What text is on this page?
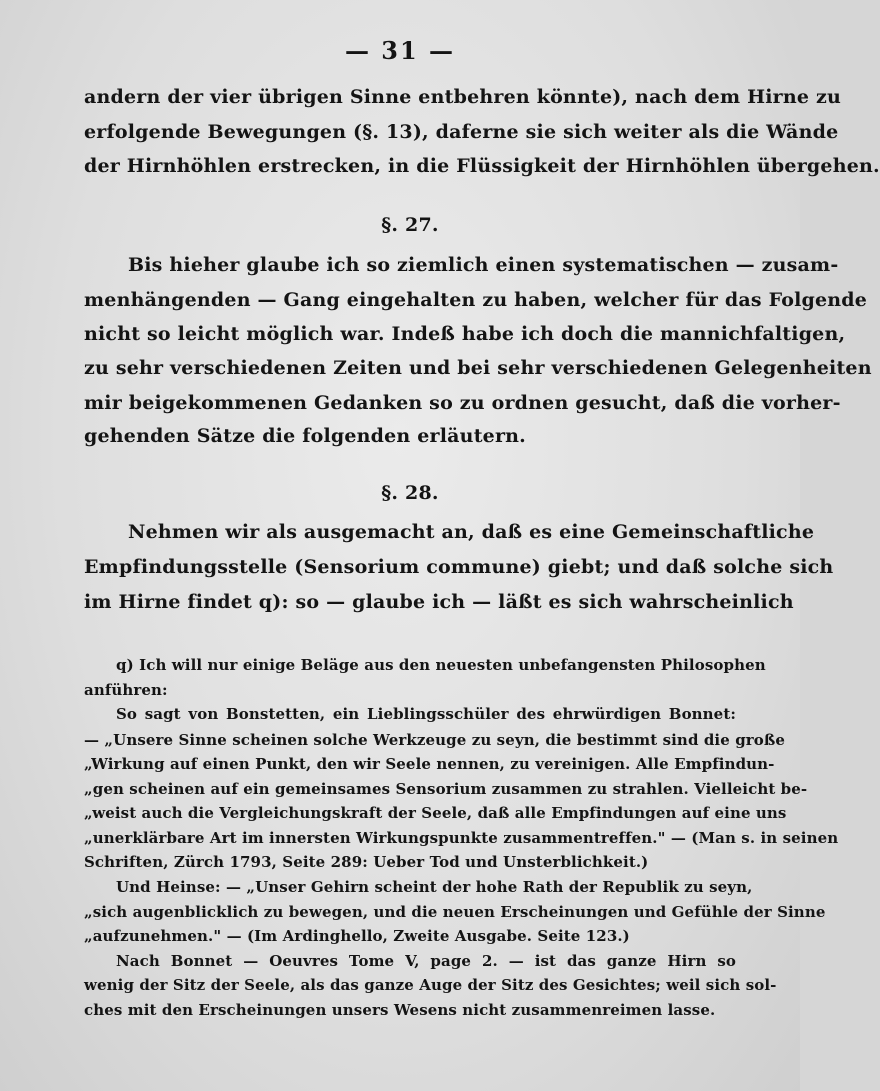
— 31 —
andern der vier übrigen Sinne entbehren könnte), nach dem Hirne zu
erfolgende Bewegungen (§. 13), daferne sie sich weiter als die Wände
der Hirnhöhlen erstrecken, in die Flüssigkeit der Hirnhöhlen übergehen.
§. 27.
Bis hieher glaube ich so ziemlich einen systematischen — zusam-
menhängenden — Gang eingehalten zu haben, welcher für das Folgende
nicht so leicht möglich war. Indeß habe ich doch die mannichfaltigen,
zu sehr verschiedenen Zeiten und bei sehr verschiedenen Gelegenheiten
mir beigekommenen Gedanken so zu ordnen gesucht, daß die vorher-
gehenden Sätze die folgenden erläutern.
§. 28.
Nehmen wir als ausgemacht an, daß es eine Gemeinschaftliche
Empfindungsstelle (Sensorium commune) giebt; und daß solche sich
im Hirne findet q): so — glaube ich — läßt es sich wahrscheinlich
q) Ich will nur einige Beläge aus den neuesten unbefangensten Philosophen
anführen:
So sagt von Bonstetten, ein Lieblingsschüler des ehrwürdigen Bonnet:
— „Unsere Sinne scheinen solche Werkzeuge zu seyn, die bestimmt sind die große
„Wirkung auf einen Punkt, den wir Seele nennen, zu vereinigen. Alle Empfindun-
„gen scheinen auf ein gemeinsames Sensorium zusammen zu strahlen. Vielleicht be-
„weist auch die Vergleichungskraft der Seele, daß alle Empfindungen auf eine uns
„unerklärbare Art im innersten Wirkungspunkte zusammentreffen." — (Man s. in seinen
Schriften, Zürch 1793, Seite 289: Ueber Tod und Unsterblichkeit.)
Und Heinse: — „Unser Gehirn scheint der hohe Rath der Republik zu seyn,
„sich augenblicklich zu bewegen, und die neuen Erscheinungen und Gefühle der Sinne
„aufzunehmen." — (Im Ardinghello, Zweite Ausgabe. Seite 123.)
Nach Bonnet — Oeuvres Tome V, page 2. — ist das ganze Hirn so
wenig der Sitz der Seele, als das ganze Auge der Sitz des Gesichtes; weil sich sol-
ches mit den Erscheinungen unsers Wesens nicht zusammenreimen lasse.
